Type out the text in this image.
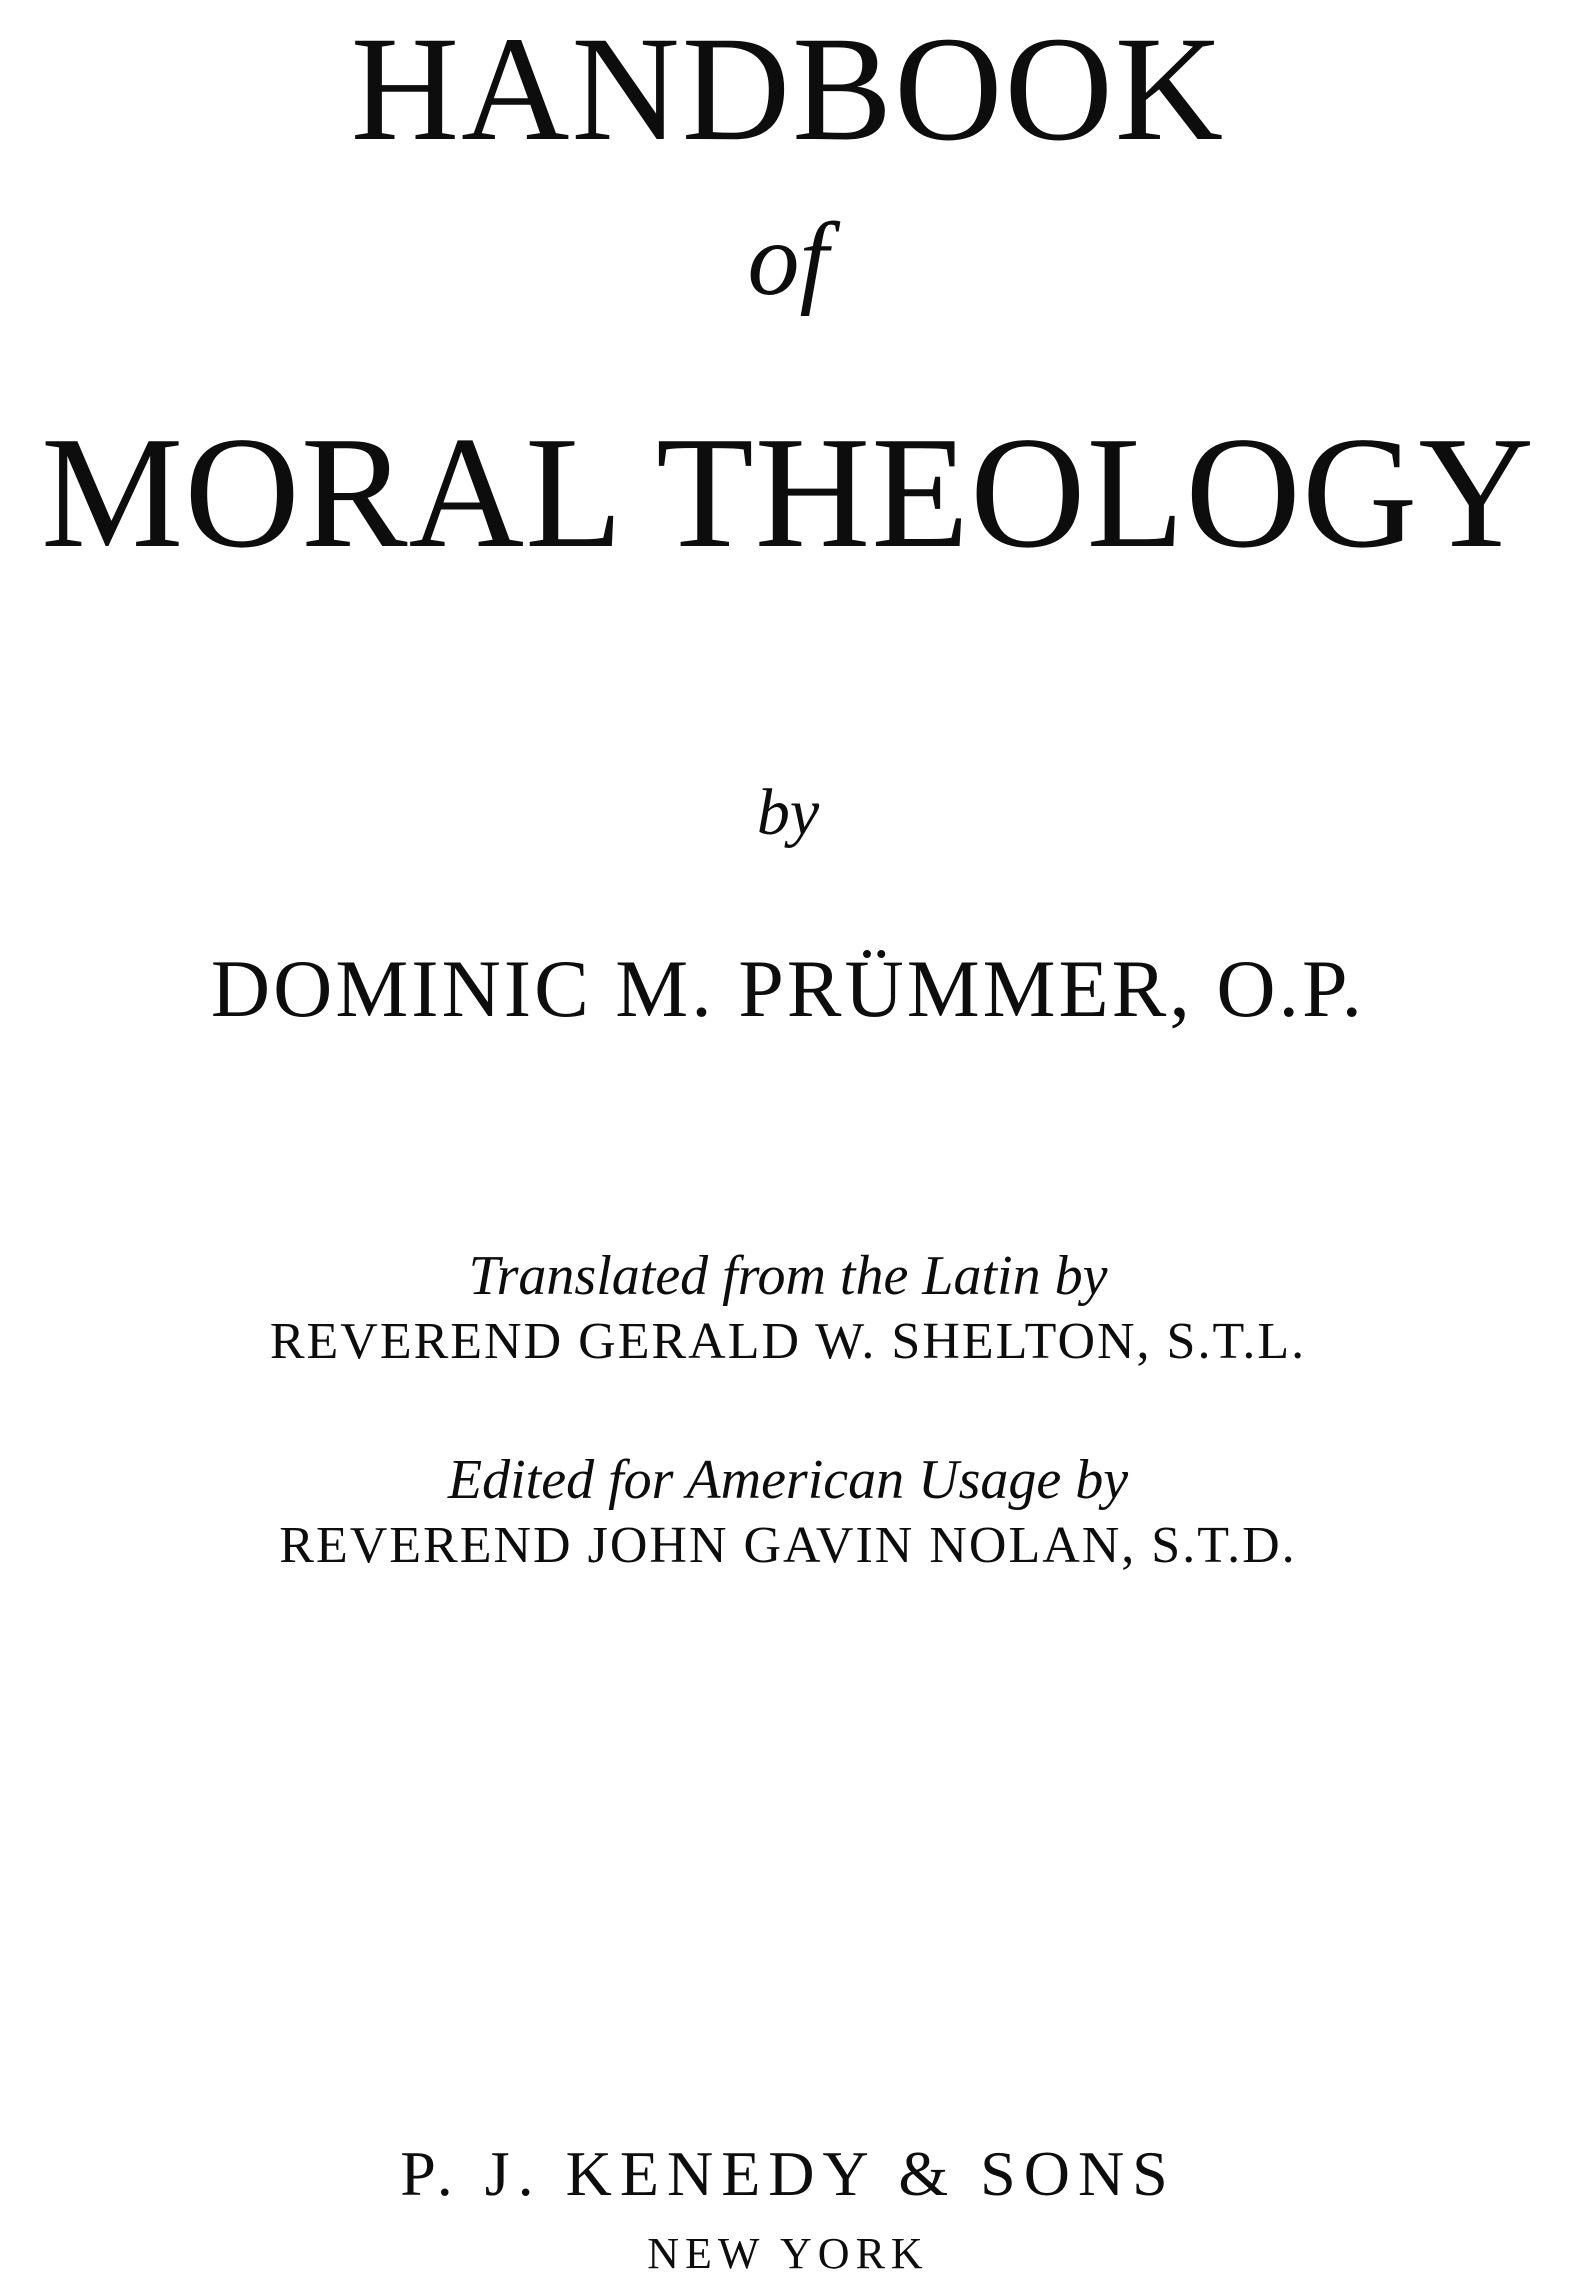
HANDBOOK
of
MORAL THEOLOGY
by
DOMINIC M. PRÜMMER, O.P.
Translated from the Latin by
REVEREND GERALD W. SHELTON, S.T.L.
Edited for American Usage by
REVEREND JOHN GAVIN NOLAN, S.T.D.
P. J. KENEDY & SONS
NEW YORK
